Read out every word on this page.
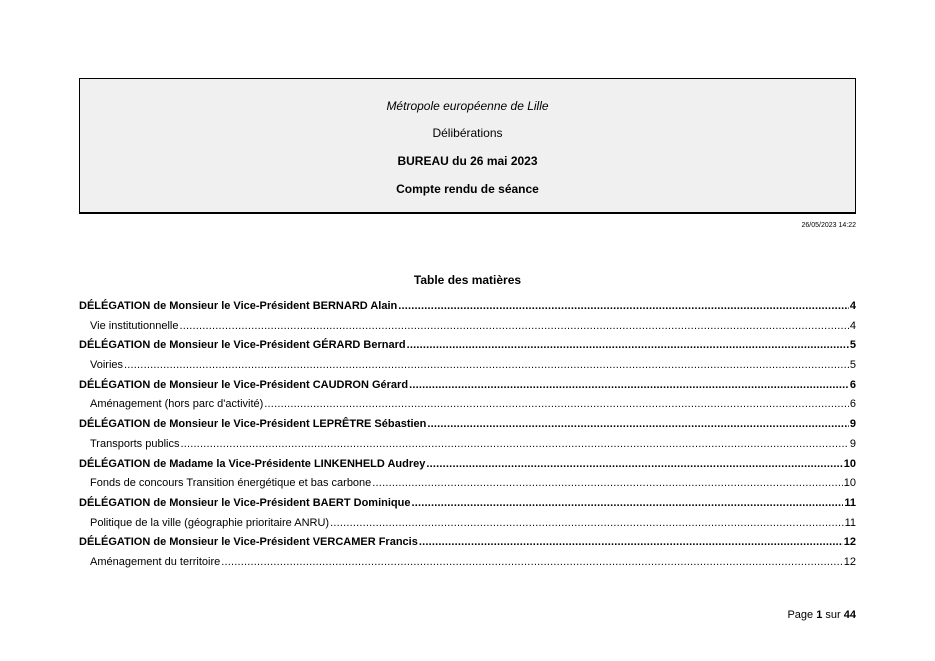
Métropole européenne de Lille
Délibérations
BUREAU du 26 mai 2023
Compte rendu de séance
26/05/2023 14:22
Table des matières
DÉLÉGATION de Monsieur le Vice-Président BERNARD Alain .....	4
Vie institutionnelle .....	4
DÉLÉGATION de Monsieur le Vice-Président GÉRARD Bernard .....	5
Voiries .....	5
DÉLÉGATION de Monsieur le Vice-Président CAUDRON Gérard .....	6
Aménagement (hors parc d'activité) .....	6
DÉLÉGATION de Monsieur le Vice-Président LEPRÊTRE Sébastien .....	9
Transports publics .....	9
DÉLÉGATION de Madame la Vice-Présidente LINKENHELD Audrey .....	10
Fonds de concours Transition énergétique et bas carbone .....	10
DÉLÉGATION de Monsieur le Vice-Président BAERT Dominique .....	11
Politique de la ville (géographie prioritaire ANRU) .....	11
DÉLÉGATION de Monsieur le Vice-Président VERCAMER Francis .....	12
Aménagement du territoire .....	12
Page 1 sur 44
